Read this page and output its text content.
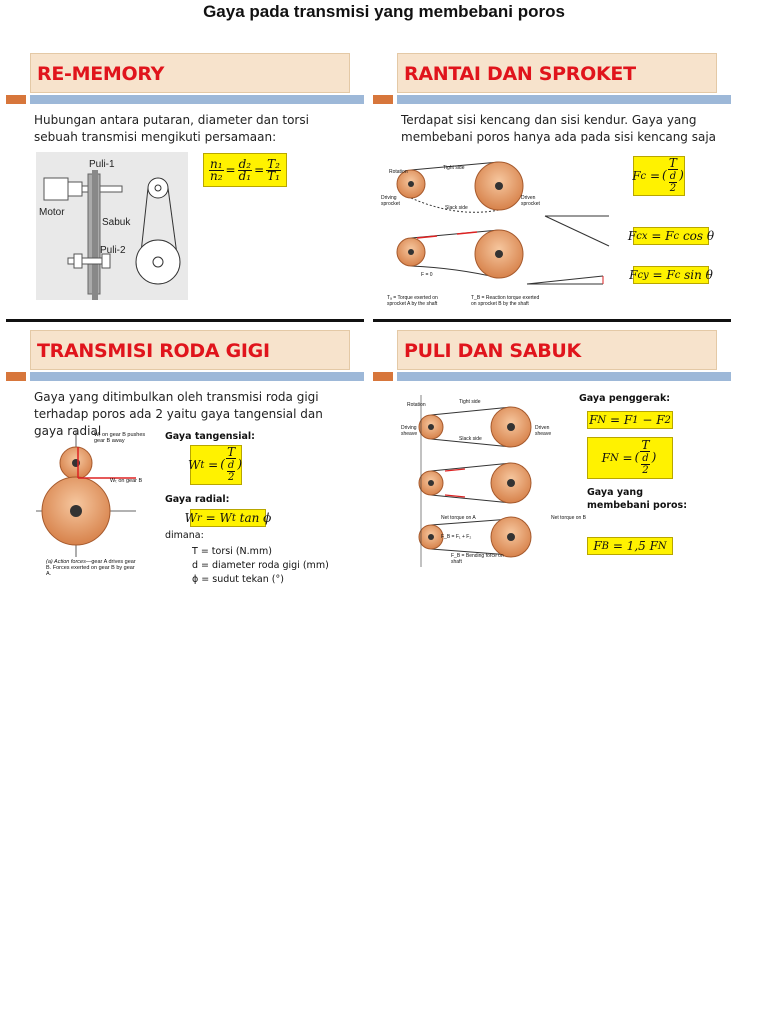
Gaya pada transmisi yang membebani poros
RE-MEMORY
Hubungan antara putaran, diameter dan torsi sebuah transmisi mengikuti persamaan:
Puli-1
Motor
Sabuk
Puli-2
$\frac{\text{n₁}}{\text{n₂}} = \frac{\text{d₂}}{\text{d₁}} = \frac{\text{T₂}}{\text{T₁}}$
RANTAI DAN SPROKET
Terdapat sisi kencang dan sisi kendur. Gaya yang membebani poros hanya ada pada sisi kencang saja
Rotation
Tight side
Slack side
Driving sprocket
Driven sprocket
F = 0
Tₐ = Torque exerted on sprocket A by the shaft
T_B = Reaction torque exerted on sprocket B by the shaft
F $c = \frac{T}{( \frac{d}{2} )}$
F cx
= F c cos θ
F cy
= F c sin θ
TRANSMISI RODA GIGI
Gaya yang ditimbulkan oleh transmisi roda gigi terhadap poros ada 2 yaitu gaya tangensial dan gaya radial
Wᵣ on gear B pushes gear B away
Wₜ on gear B
(a) Action forces—gear A drives gear B. Forces exerted on gear B by gear A.
Gaya tangensial:
W $t = \frac{T}{( \frac{d}{2} )}$
Gaya radial:
W r = W t tan ϕ
dimana:
T = torsi (N.mm)
d = diameter roda gigi (mm)
ϕ = sudut tekan (°)
PULI DAN SABUK
Rotation	Tight side
Slack side
Driving sheave
Driven sheave
Net torque on A	Net torque on B
F_B = F₁ + F₂
F_B = Bending force on shaft
Gaya penggerak:
F N = F 1 − F 2
F $N = \frac{T}{( \frac{d}{2} )}$
Gaya yang membebani poros:
F B = 1,5 F N
